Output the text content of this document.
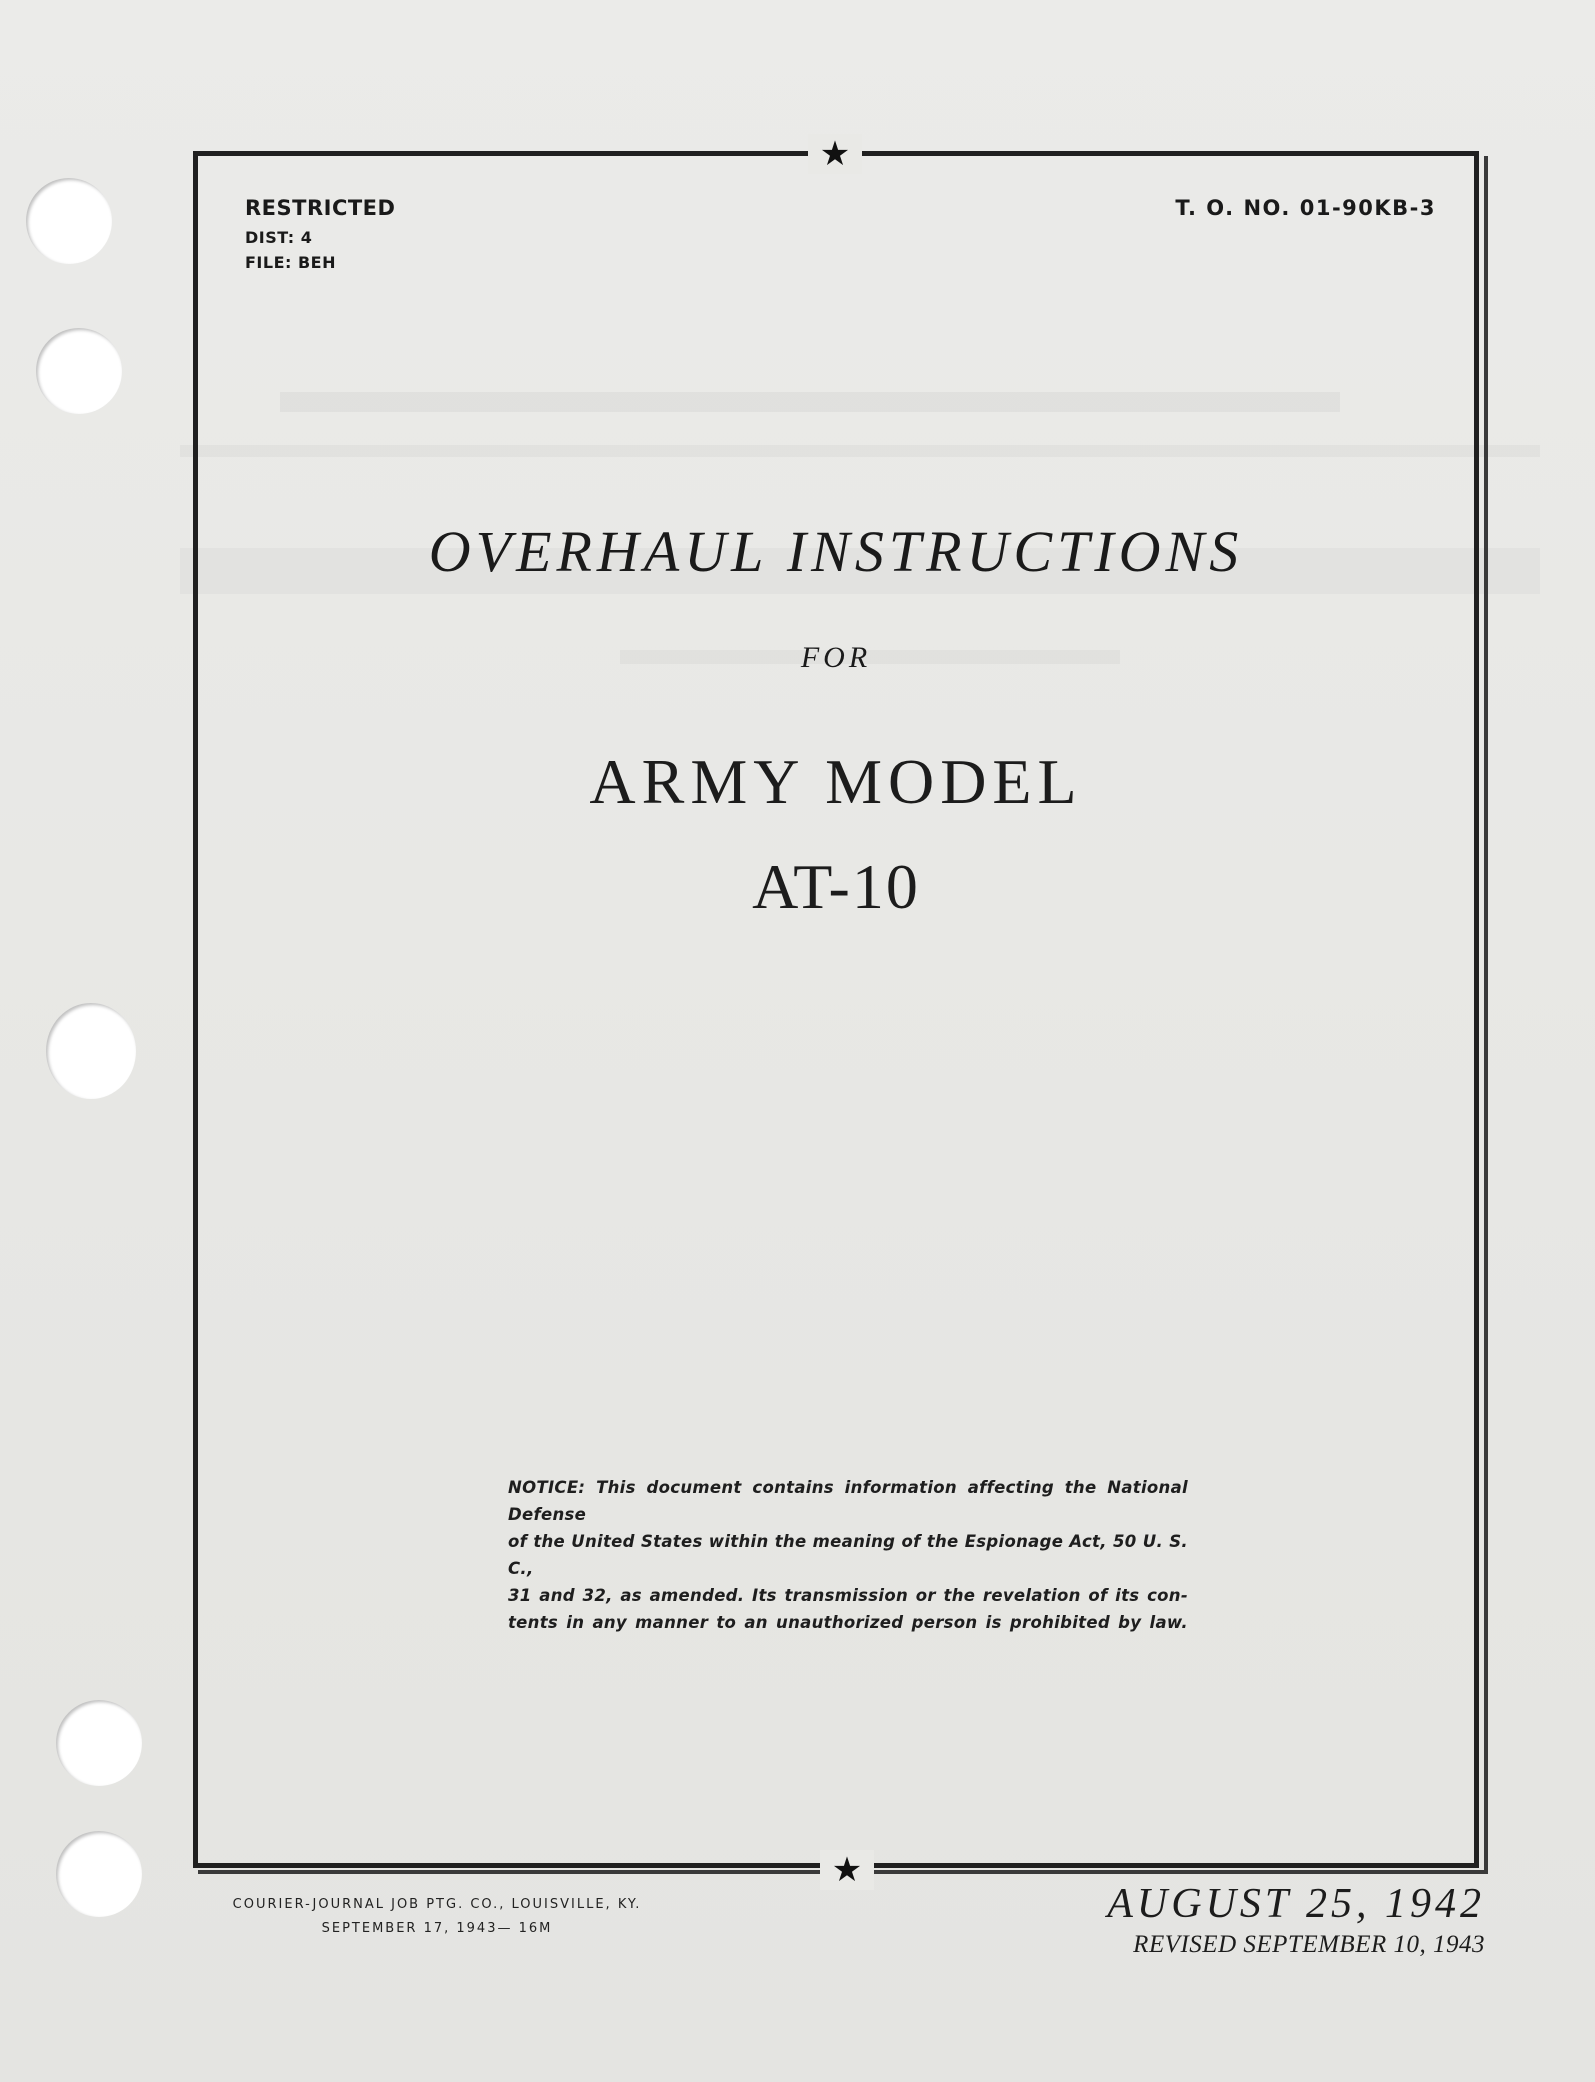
★
★
RESTRICTED
DIST: 4
FILE: BEH
T. O. NO. 01-90KB-3
OVERHAUL INSTRUCTIONS
FOR
ARMY MODEL
AT-10
NOTICE: This document contains information affecting the National Defense
of the United States within the meaning of the Espionage Act, 50 U. S. C.,
31 and 32, as amended. Its transmission or the revelation of its con-
tents in any manner to an unauthorized person is prohibited by law.
COURIER-JOURNAL JOB PTG. CO., LOUISVILLE, KY.
SEPTEMBER 17, 1943— 16M
AUGUST 25, 1942
REVISED SEPTEMBER 10, 1943
